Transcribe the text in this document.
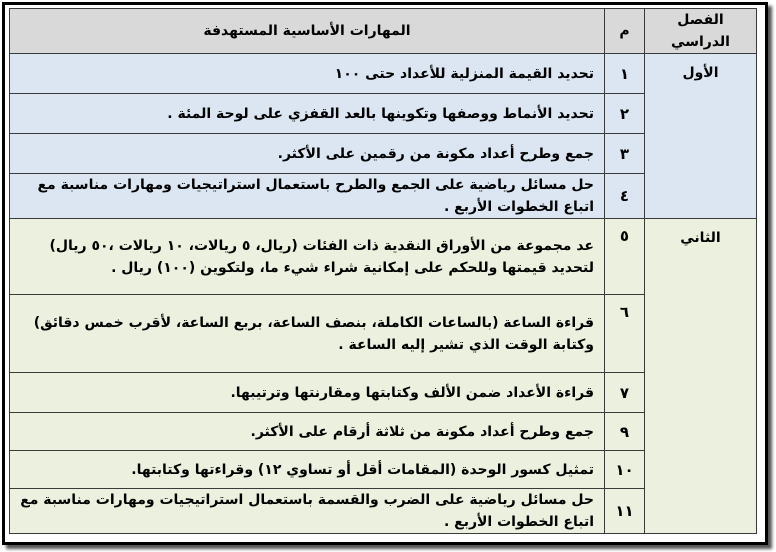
الفصل الدراسي	م	المهارات الأساسية المستهدفة
الأول	١	تحديد القيمة المنزلية للأعداد حتى ١٠٠
	٢	تحديد الأنماط ووصفها وتكوينها بالعد القفزي على لوحة المئة .
	٣	جمع وطرح أعداد مكونة من رقمين على الأكثر.
	٤	حل مسائل رياضية على الجمع والطرح باستعمال استراتيجيات ومهارات مناسبة مع اتباع الخطوات الأربع .
الثاني	٥	عد مجموعة من الأوراق النقدية ذات الفئات (ريال، ٥ ريالات، ١٠ ريالات ،٥٠ ريال) لتحديد قيمتها وللحكم على إمكانية شراء شيء ما، ولتكوين (١٠٠) ريال .
	٦	قراءة الساعة (بالساعات الكاملة، بنصف الساعة، بربع الساعة، لأقرب خمس دقائق) وكتابة الوقت الذي تشير إليه الساعة .
	٧	قراءة الأعداد ضمن الألف وكتابتها ومقارنتها وترتيبها.
	٩	جمع وطرح أعداد مكونة من ثلاثة أرقام على الأكثر.
	١٠	تمثيل كسور الوحدة (المقامات أقل أو تساوي ١٢) وقراءتها وكتابتها.
	١١	حل مسائل رياضية على الضرب والقسمة باستعمال استراتيجيات ومهارات مناسبة مع اتباع الخطوات الأربع .
